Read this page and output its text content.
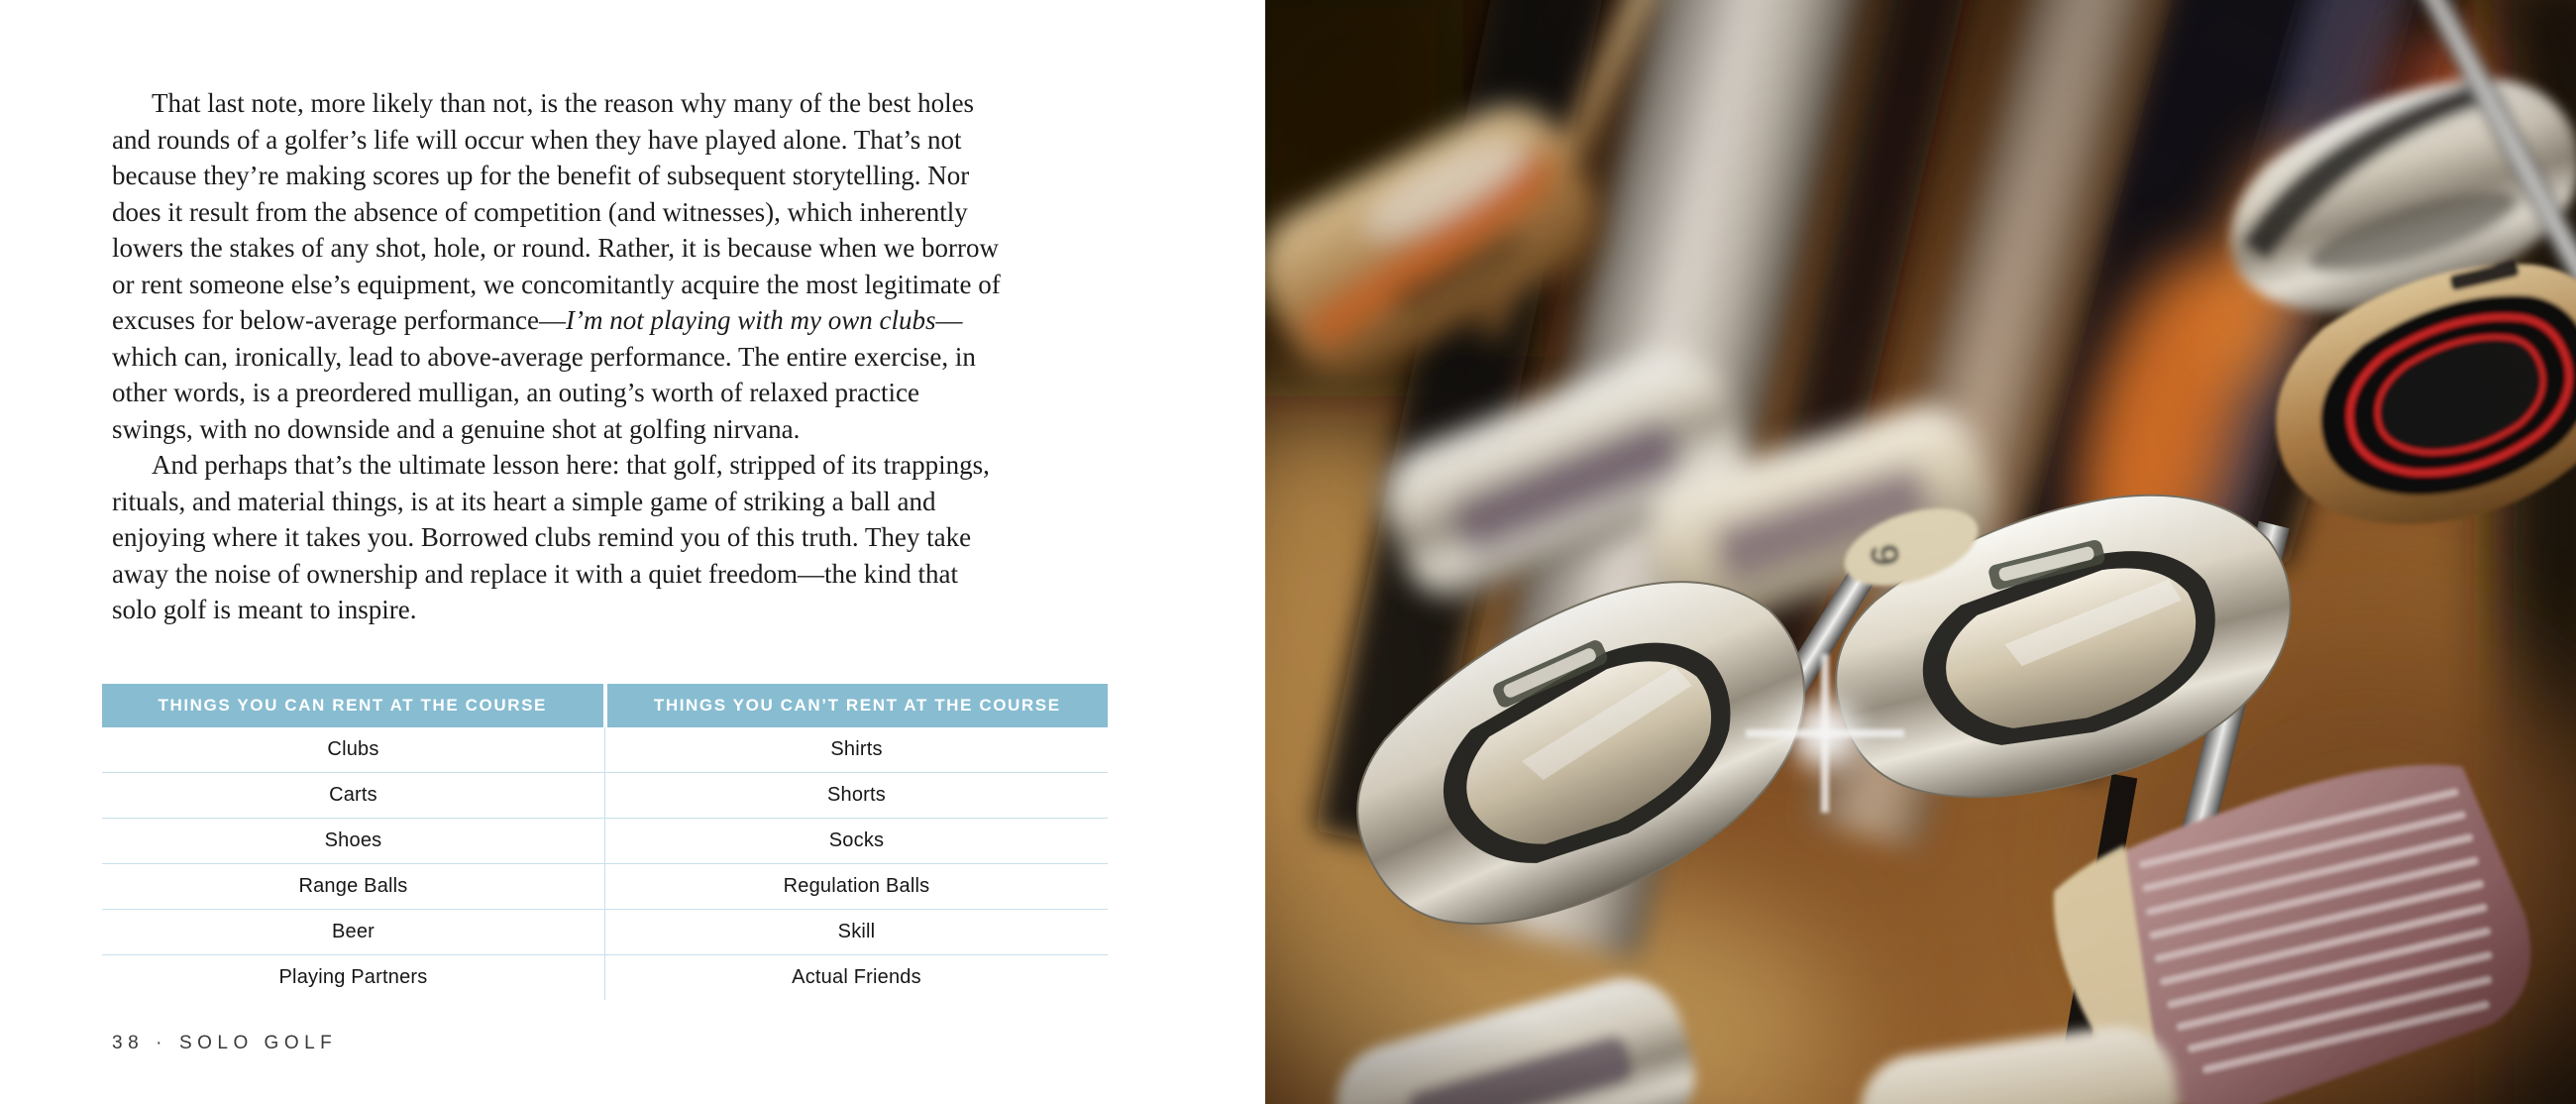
That last note, more likely than not, is the reason why many of the best holes and rounds of a golfer’s life will occur when they have played alone. That’s not because they’re making scores up for the benefit of subsequent storytelling. Nor does it result from the absence of competition (and witnesses), which inherently lowers the stakes of any shot, hole, or round. Rather, it is because when we borrow or rent someone else’s equipment, we concomitantly acquire the most legitimate of excuses for below-average performance—I’m not playing with my own clubs—which can, ironically, lead to above-average performance. The entire exercise, in other words, is a preordered mulligan, an outing’s worth of relaxed practice swings, with no downside and a genuine shot at golfing nirvana.

And perhaps that’s the ultimate lesson here: that golf, stripped of its trappings, rituals, and material things, is at its heart a simple game of striking a ball and enjoying where it takes you. Borrowed clubs remind you of this truth. They take away the noise of ownership and replace it with a quiet freedom—the kind that solo golf is meant to inspire.

THINGS YOU CAN RENT AT THE COURSE	THINGS YOU CAN’T RENT AT THE COURSE
Clubs	Shirts
Carts	Shorts
Shoes	Socks
Range Balls	Regulation Balls
Beer	Skill
Playing Partners	Actual Friends
38 · SOLO GOLF
